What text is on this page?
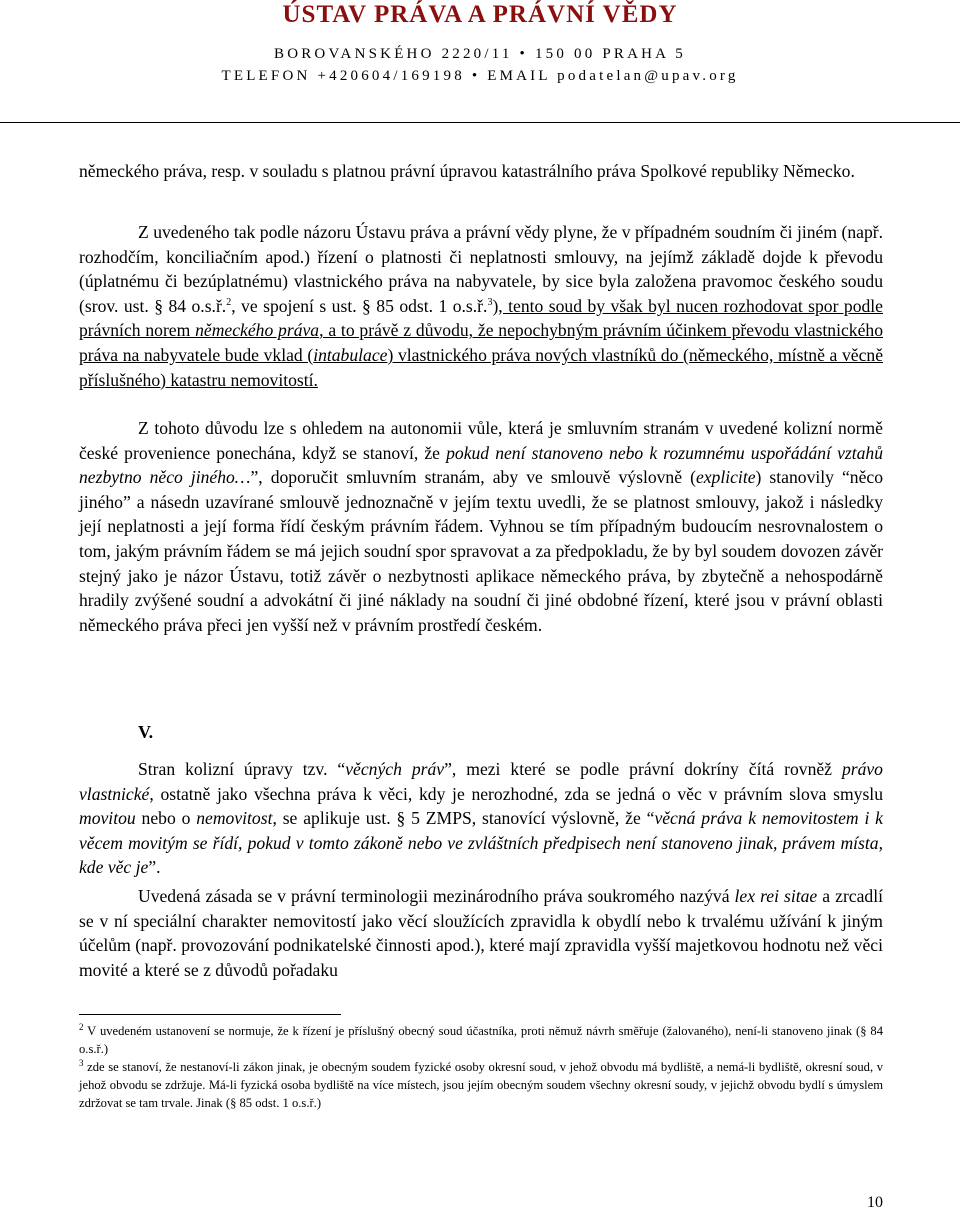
ÚSTAV PRÁVA A PRÁVNÍ VĚDY
BOROVANSKÉHO 2220/11 • 150 00 PRAHA 5
TELEFON +420604/169198 • EMAIL podatelan@upav.org

německého práva, resp. v souladu s platnou právní úpravou katastrálního práva Spolkové republiky Německo.

Z uvedeného tak podle názoru Ústavu práva a právní vědy plyne, že v případném soudním či jiném (např. rozhodčím, konciliačním apod.) řízení o platnosti či neplatnosti smlouvy, na jejímž základě dojde k převodu (úplatnému či bezúplatnému) vlastnického práva na nabyvatele, by sice byla založena pravomoc českého soudu (srov. ust. § 84 o.s.ř.$^2$, ve spojení s ust. § 85 odst. 1 o.s.ř.$^3$), tento soud by však byl nucen rozhodovat spor podle právních norem německého práva, a to právě z důvodu, že nepochybným právním účinkem převodu vlastnického práva na nabyvatele bude vklad (intabulace) vlastnického práva nových vlastníků do (německého, místně a věcně příslušného) katastru nemovitostí.

Z tohoto důvodu lze s ohledem na autonomii vůle, která je smluvním stranám v uvedené kolizní normě české provenience ponechána, když se stanoví, že pokud není stanoveno nebo k rozumnému uspořádání vztahů nezbytno něco jiného…”, doporučit smluvním stranám, aby ve smlouvě výslovně (explicite) stanovily “něco jiného” a násedn uzavírané smlouvě jednoznačně v jejím textu uvedli, že se platnost smlouvy, jakož i následky její neplatnosti a její forma řídí českým právním řádem. Vyhnou se tím případným budoucím nesrovnalostem o tom, jakým právním řádem se má jejich soudní spor spravovat a za předpokladu, že by byl soudem dovozen závěr stejný jako je názor Ústavu, totiž závěr o nezbytnosti aplikace německého práva, by zbytečně a nehospodárně hradily zvýšené soudní a advokátní či jiné náklady na soudní či jiné obdobné řízení, které jsou v právní oblasti německého práva přeci jen vyšší než v právním prostředí českém.

V.

Stran kolizní úpravy tzv. “věcných práv”, mezi které se podle právní dokríny čítá rovněž právo vlastnické, ostatně jako všechna práva k věci, kdy je nerozhodné, zda se jedná o věc v právním slova smyslu movitou nebo o nemovitost, se aplikuje ust. § 5 ZMPS, stanovící výslovně, že “věcná práva k nemovitostem i k věcem movitým se řídí, pokud v tomto zákoně nebo ve zvláštních předpisech není stanoveno jinak, právem místa, kde věc je”.

Uvedená zásada se v právní terminologii mezinárodního práva soukromého nazývá lex rei sitae a zrcadlí se v ní speciální charakter nemovitostí jako věcí sloužících zpravidla k obydlí nebo k trvalému užívání k jiným účelům (např. provozování podnikatelské činnosti apod.), které mají zpravidla vyšší majetkovou hodnotu než věci movité a které se z důvodů pořadaku

$^2$ V uvedeném ustanovení se normuje, že k řízení je příslušný obecný soud účastníka, proti němuž návrh směřuje (žalovaného), není-li stanoveno jinak (§ 84 o.s.ř.)

$^3$ zde se stanoví, že nestanoví-li zákon jinak, je obecným soudem fyzické osoby okresní soud, v jehož obvodu má bydliště, a nemá-li bydliště, okresní soud, v jehož obvodu se zdržuje. Má-li fyzická osoba bydliště na více místech, jsou jejím obecným soudem všechny okresní soudy, v jejichž obvodu bydlí s úmyslem zdržovat se tam trvale. Jinak (§ 85 odst. 1 o.s.ř.)

10
